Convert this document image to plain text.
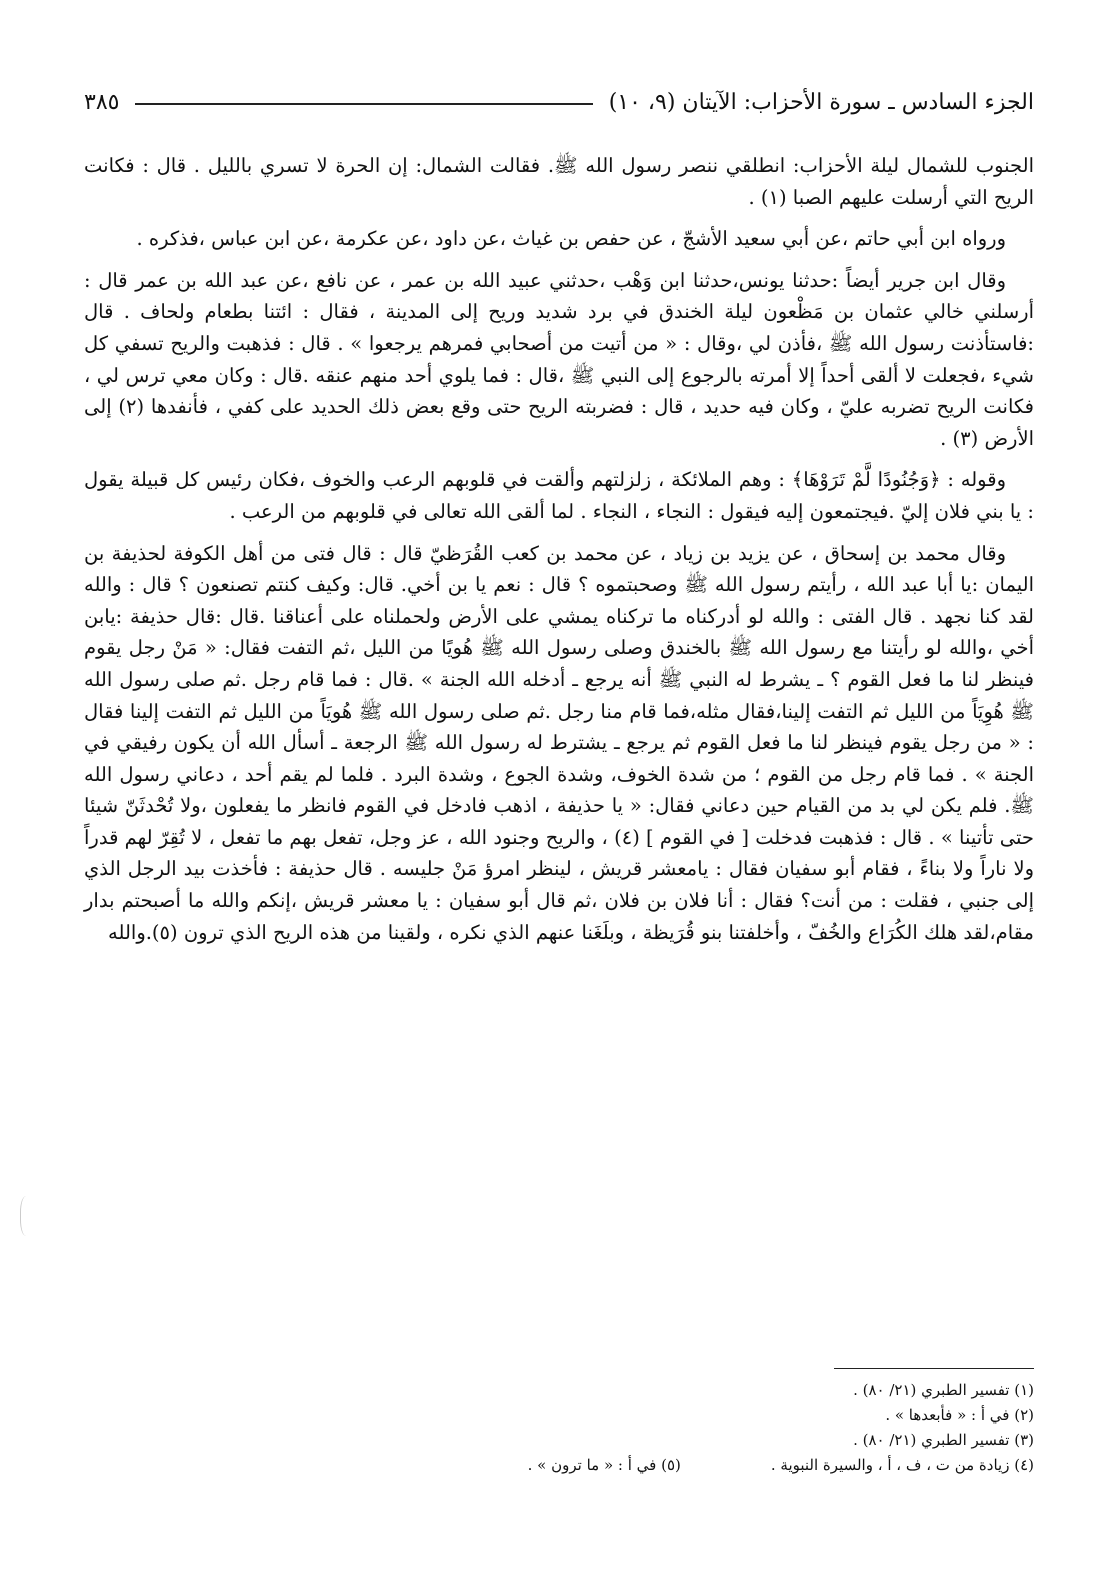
الجزء السادس ـ سورة الأحزاب: الآيتان (٩، ١٠)
٣٨٥

الجنوب للشمال ليلة الأحزاب: انطلقي ننصر رسول الله ﷺ. فقالت الشمال: إن الحرة لا تسري بالليل . قال : فكانت الريح التي أرسلت عليهم الصبا (١) .

ورواه ابن أبي حاتم ،عن أبي سعيد الأشجّ ، عن حفص بن غياث ،عن داود ،عن عكرمة ،عن ابن عباس ،فذكره .

وقال ابن جرير أيضاً :حدثنا يونس،حدثنا ابن وَهْب ،حدثني عبيد الله بن عمر ، عن نافع ،عن عبد الله بن عمر قال : أرسلني خالي عثمان بن مَظْعون ليلة الخندق في برد شديد وريح إلى المدينة ، فقال : ائتنا بطعام ولحاف . قال :فاستأذنت رسول الله ﷺ ،فأذن لي ،وقال : « من أتيت من أصحابي فمرهم يرجعوا » . قال : فذهبت والريح تسفي كل شيء ،فجعلت لا ألقى أحداً إلا أمرته بالرجوع إلى النبي ﷺ ،قال : فما يلوي أحد منهم عنقه .قال : وكان معي ترس لي ، فكانت الريح تضربه عليّ ، وكان فيه حديد ، قال : فضربته الريح حتى وقع بعض ذلك الحديد على كفي ، فأنفدها (٢) إلى الأرض (٣) .

وقوله : ﴿وَجُنُودًا لَّمْ تَرَوْهَا﴾ : وهم الملائكة ، زلزلتهم وألقت في قلوبهم الرعب والخوف ،فكان رئيس كل قبيلة يقول : يا بني فلان إليّ .فيجتمعون إليه فيقول : النجاء ، النجاء . لما ألقى الله تعالى في قلوبهم من الرعب .

وقال محمد بن إسحاق ، عن يزيد بن زياد ، عن محمد بن كعب القُرَظيّ قال : قال فتى من أهل الكوفة لحذيفة بن اليمان :يا أبا عبد الله ، رأيتم رسول الله ﷺ وصحبتموه ؟ قال : نعم يا بن أخي. قال: وكيف كنتم تصنعون ؟ قال : والله لقد كنا نجهد . قال الفتى : والله لو أدركناه ما تركناه يمشي على الأرض ولحملناه على أعناقنا .قال :قال حذيفة :يابن أخي ،والله لو رأيتنا مع رسول الله ﷺ بالخندق وصلى رسول الله ﷺ هُويًا من الليل ،ثم التفت فقال: « مَنْ رجل يقوم فينظر لنا ما فعل القوم ؟ ـ يشرط له النبي ﷺ أنه يرجع ـ أدخله الله الجنة » .قال : فما قام رجل .ثم صلى رسول الله ﷺ هُوِيَاً من الليل ثم التفت إلينا،فقال مثله،فما قام منا رجل .ثم صلى رسول الله ﷺ هُويَاً من الليل ثم التفت إلينا فقال : « من رجل يقوم فينظر لنا ما فعل القوم ثم يرجع ـ يشترط له رسول الله ﷺ الرجعة ـ أسأل الله أن يكون رفيقي في الجنة » . فما قام رجل من القوم ؛ من شدة الخوف، وشدة الجوع ، وشدة البرد . فلما لم يقم أحد ، دعاني رسول الله ﷺ. فلم يكن لي بد من القيام حين دعاني فقال: « يا حذيفة ، اذهب فادخل في القوم فانظر ما يفعلون ،ولا تُحْدثَنّ شيئا حتى تأتينا » . قال : فذهبت فدخلت [ في القوم ] (٤) ، والريح وجنود الله ، عز وجل، تفعل بهم ما تفعل ، لا تُقِرّ لهم قدراً ولا ناراً ولا بناءً ، فقام أبو سفيان فقال : يامعشر قريش ، لينظر امرؤ مَنْ جليسه . قال حذيفة : فأخذت بيد الرجل الذي إلى جنبي ، فقلت : من أنت؟ فقال : أنا فلان بن فلان ،ثم قال أبو سفيان : يا معشر قريش ،إنكم والله ما أصبحتم بدار مقام،لقد هلك الكُرَاع والخُفّ ، وأخلفتنا بنو قُرَيظة ، وبلَغَنا عنهم الذي نكره ، ولقينا من هذه الريح الذي ترون (٥).والله

(١) تفسير الطبري (٢١/ ٨٠) .

(٢) في أ : « فأبعدها » .

(٣) تفسير الطبري (٢١/ ٨٠) .

(٤) زيادة من ت ، ف ، أ ، والسيرة النبوية .
(٥) في أ : « ما ترون » .
